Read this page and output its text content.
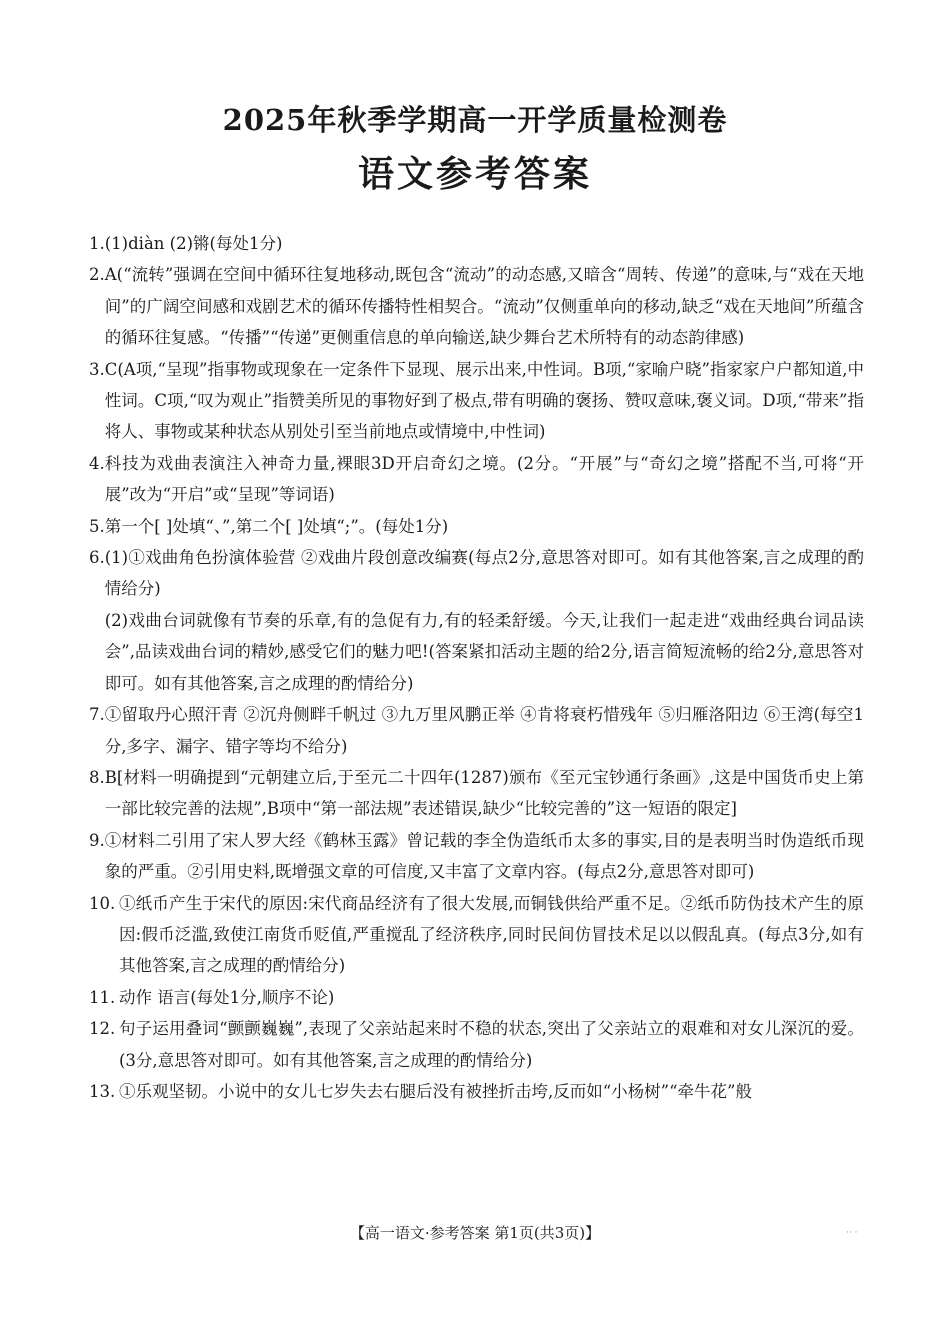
2025年秋季学期高一开学质量检测卷
语文参考答案
1. (1)diàn (2)锵(每处1分)
2. A(“流转”强调在空间中循环往复地移动,既包含“流动”的动态感,又暗含“周转、传递”的意味,与“戏在天地间”的广阔空间感和戏剧艺术的循环传播特性相契合。“流动”仅侧重单向的移动,缺乏“戏在天地间”所蕴含的循环往复感。“传播”“传递”更侧重信息的单向输送,缺少舞台艺术所特有的动态韵律感)
3. C(A项,“呈现”指事物或现象在一定条件下显现、展示出来,中性词。B项,“家喻户晓”指家家户户都知道,中性词。C项,“叹为观止”指赞美所见的事物好到了极点,带有明确的褒扬、赞叹意味,褒义词。D项,“带来”指将人、事物或某种状态从别处引至当前地点或情境中,中性词)
4. 科技为戏曲表演注入神奇力量,裸眼3D开启奇幻之境。(2分。“开展”与“奇幻之境”搭配不当,可将“开展”改为“开启”或“呈现”等词语)
5. 第一个[ ]处填“、”,第二个[ ]处填“;”。(每处1分)
6. (1)①戏曲角色扮演体验营 ②戏曲片段创意改编赛(每点2分,意思答对即可。如有其他答案,言之成理的酌情给分)
(2)戏曲台词就像有节奏的乐章,有的急促有力,有的轻柔舒缓。今天,让我们一起走进“戏曲经典台词品读会”,品读戏曲台词的精妙,感受它们的魅力吧!(答案紧扣活动主题的给2分,语言简短流畅的给2分,意思答对即可。如有其他答案,言之成理的酌情给分)
7. ①留取丹心照汗青 ②沉舟侧畔千帆过 ③九万里风鹏正举 ④肯将衰朽惜残年 ⑤归雁洛阳边 ⑥王湾(每空1分,多字、漏字、错字等均不给分)
8. B[材料一明确提到“元朝建立后,于至元二十四年(1287)颁布《至元宝钞通行条画》,这是中国货币史上第一部比较完善的法规”,B项中“第一部法规”表述错误,缺少“比较完善的”这一短语的限定]
9. ①材料二引用了宋人罗大经《鹤林玉露》曾记载的李全伪造纸币太多的事实,目的是表明当时伪造纸币现象的严重。②引用史料,既增强文章的可信度,又丰富了文章内容。(每点2分,意思答对即可)
10. ①纸币产生于宋代的原因:宋代商品经济有了很大发展,而铜钱供给严重不足。②纸币防伪技术产生的原因:假币泛滥,致使江南货币贬值,严重搅乱了经济秩序,同时民间仿冒技术足以以假乱真。(每点3分,如有其他答案,言之成理的酌情给分)
11. 动作 语言(每处1分,顺序不论)
12. 句子运用叠词“颤颤巍巍”,表现了父亲站起来时不稳的状态,突出了父亲站立的艰难和对女儿深沉的爱。(3分,意思答对即可。如有其他答案,言之成理的酌情给分)
13. ①乐观坚韧。小说中的女儿七岁失去右腿后没有被挫折击垮,反而如“小杨树”“牵牛花”般
【高一语文·参考答案 第1页(共3页)】	·· ·
